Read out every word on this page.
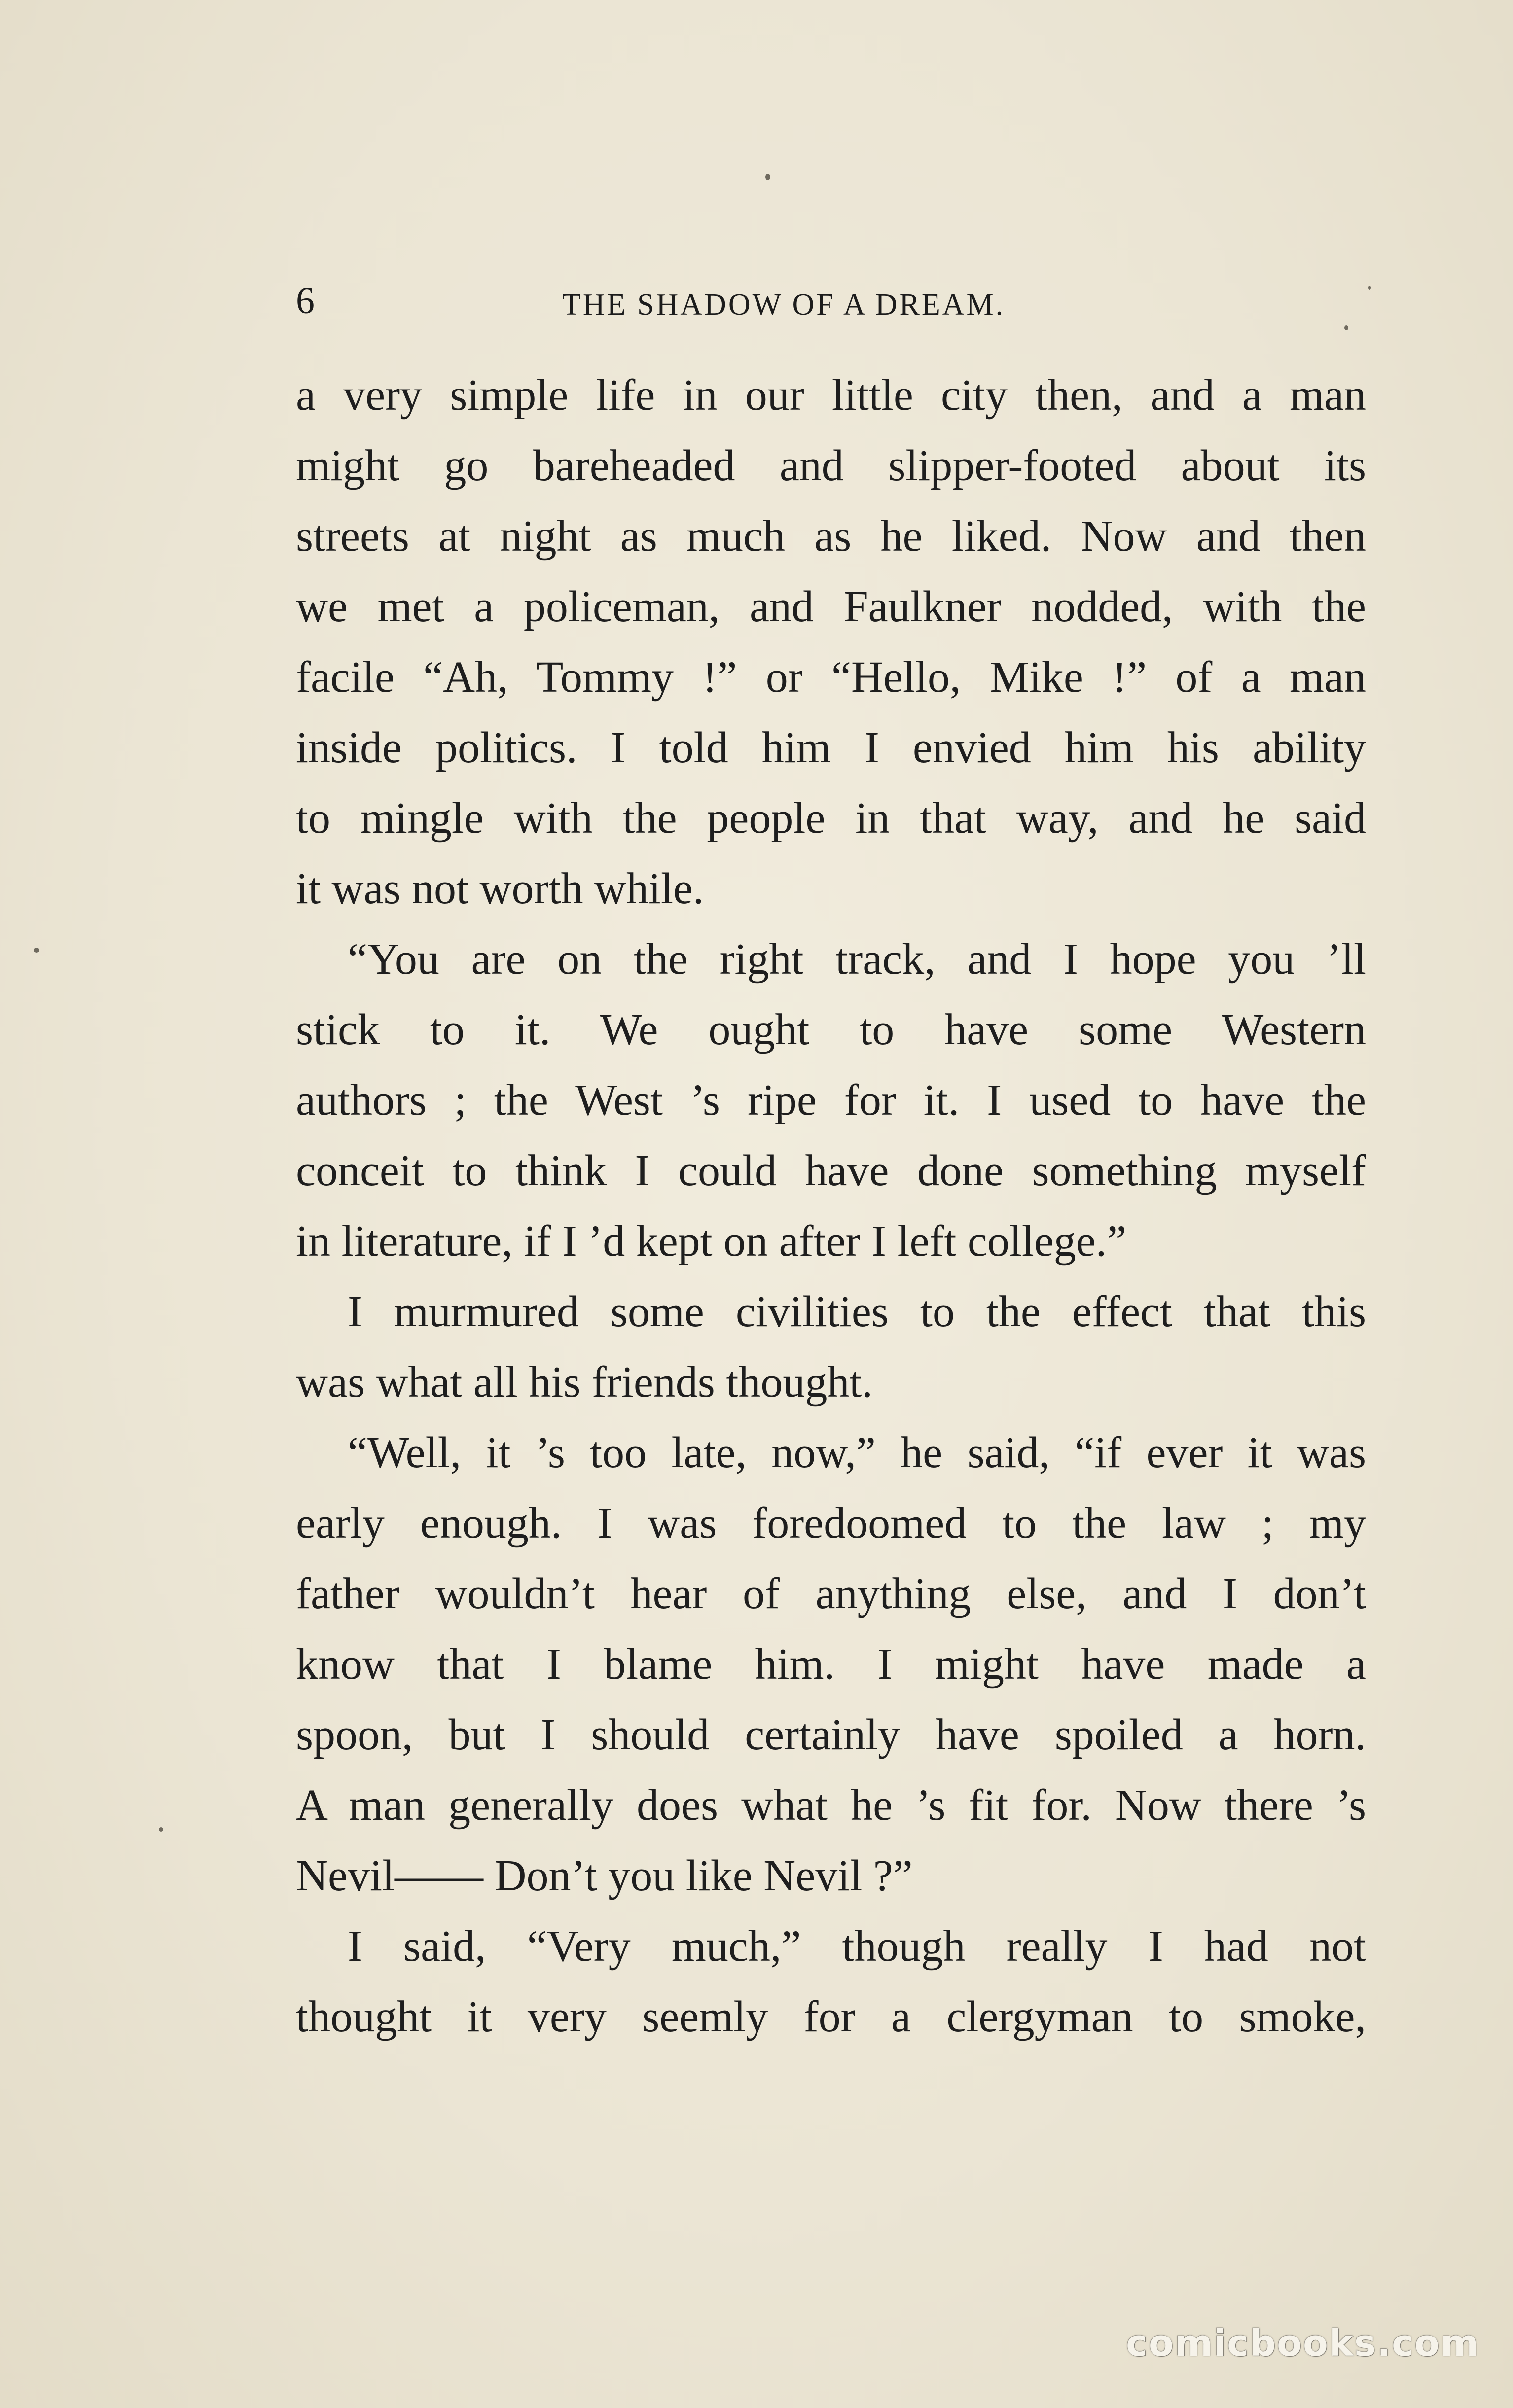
6	THE SHADOW OF A DREAM.
a very simple life in our little city then, and a man
might go bareheaded and slipper-footed about its
streets at night as much as he liked. Now and then
we met a policeman, and Faulkner nodded, with the
facile “Ah, Tommy !” or “Hello, Mike !” of a man
inside politics. I told him I envied him his ability
to mingle with the people in that way, and he said
it was not worth while.
“You are on the right track, and I hope you ’ll
stick to it. We ought to have some Western
authors ; the West ’s ripe for it. I used to have the
conceit to think I could have done something myself
in literature, if I ’d kept on after I left college.”
I murmured some civilities to the effect that this
was what all his friends thought.
“Well, it ’s too late, now,” he said, “if ever it was
early enough. I was foredoomed to the law ; my
father wouldn’t hear of anything else, and I don’t
know that I blame him. I might have made a
spoon, but I should certainly have spoiled a horn.
A man generally does what he ’s fit for. Now there ’s
Nevil—— Don’t you like Nevil ?”
I said, “Very much,” though really I had not
thought it very seemly for a clergyman to smoke,
comicbooks.com
